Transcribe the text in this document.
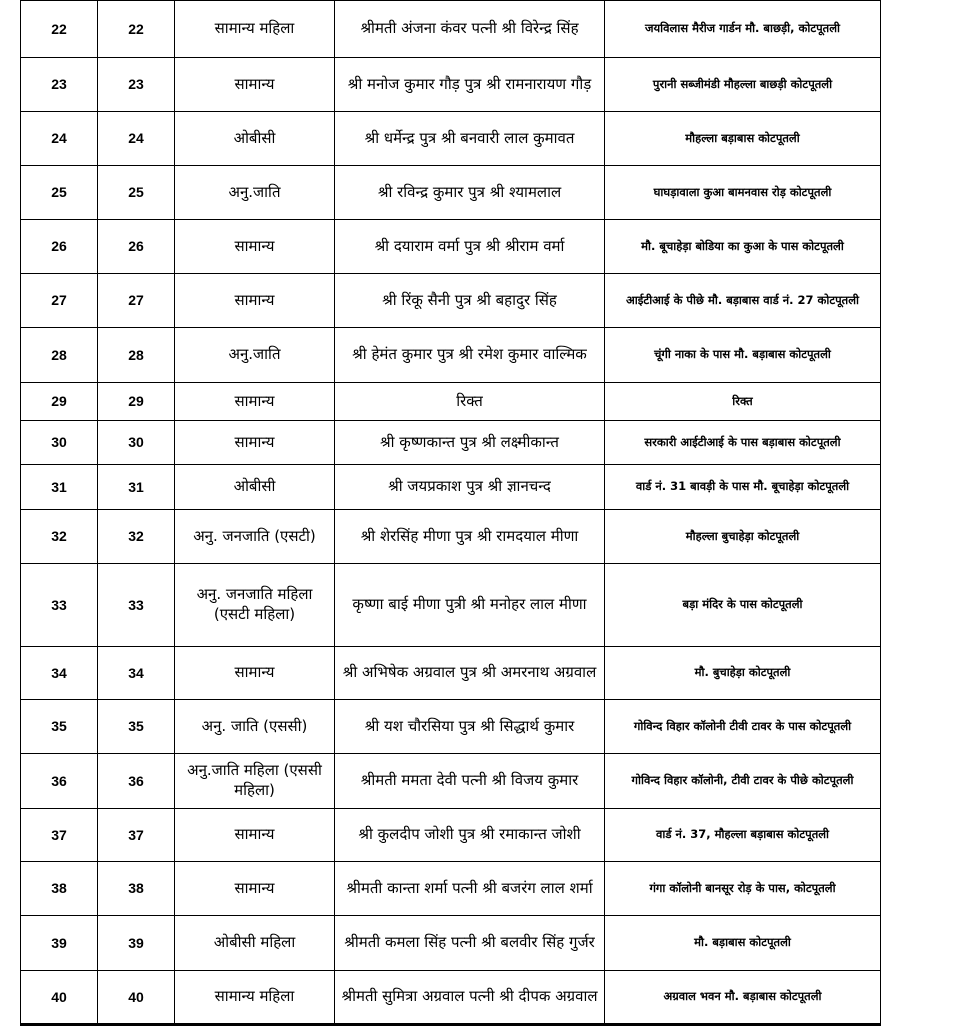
22	22	सामान्य महिला	श्रीमती अंजना कंवर पत्नी श्री विरेन्द्र सिंह	जयविलास मैरीज गार्डन मौ. बाछड़ी, कोटपूतली
23	23	सामान्य	श्री मनोज कुमार गौड़ पुत्र श्री रामनारायण गौड़	पुरानी सब्जीमंडी मौहल्ला बाछड़ी कोटपूतली
24	24	ओबीसी	श्री धर्मेन्द्र पुत्र श्री बनवारी लाल कुमावत	मौहल्ला बड़ाबास कोटपूतली
25	25	अनु.जाति	श्री रविन्द्र कुमार पुत्र श्री श्यामलाल	घाघड़ावाला कुआ बामनवास रोड़ कोटपूतली
26	26	सामान्य	श्री दयाराम वर्मा पुत्र श्री श्रीराम वर्मा	मौ. बूचाहेड़ा बोडिया का कुआ के पास कोटपूतली
27	27	सामान्य	श्री रिंकू सैनी पुत्र श्री बहादुर सिंह	आईटीआई के पीछे मौ. बड़ाबास वार्ड नं. 27 कोटपूतली
28	28	अनु.जाति	श्री हेमंत कुमार पुत्र श्री रमेश कुमार वाल्मिक	चूंगी नाका के पास मौ. बड़ाबास कोटपूतली
29	29	सामान्य	रिक्त	रिक्त
30	30	सामान्य	श्री कृष्णकान्त पुत्र श्री लक्ष्मीकान्त	सरकारी आईटीआई के पास बड़ाबास कोटपूतली
31	31	ओबीसी	श्री जयप्रकाश पुत्र श्री ज्ञानचन्द	वार्ड नं. 31 बावड़ी के पास मौ. बूचाहेड़ा कोटपूतली
32	32	अनु. जनजाति (एसटी)	श्री शेरसिंह मीणा पुत्र श्री रामदयाल मीणा	मौहल्ला बुचाहेड़ा कोटपूतली
33	33	अनु. जनजाति महिला (एसटी महिला)	कृष्णा बाई मीणा पुत्री श्री मनोहर लाल मीणा	बड़ा मंदिर के पास कोटपूतली
34	34	सामान्य	श्री अभिषेक अग्रवाल पुत्र श्री अमरनाथ अग्रवाल	मौ. बुचाहेड़ा कोटपूतली
35	35	अनु. जाति (एससी)	श्री यश चौरसिया पुत्र श्री सिद्धार्थ कुमार	गोविन्द विहार कॉलोनी टीवी टावर के पास कोटपूतली
36	36	अनु.जाति महिला (एससी महिला)	श्रीमती ममता देवी पत्नी श्री विजय कुमार	गोविन्द विहार कॉलोनी, टीवी टावर के पीछे कोटपूतली
37	37	सामान्य	श्री कुलदीप जोशी पुत्र श्री रमाकान्त जोशी	वार्ड नं. 37, मौहल्ला बड़ाबास कोटपूतली
38	38	सामान्य	श्रीमती कान्ता शर्मा पत्नी श्री बजरंग लाल शर्मा	गंगा कॉलोनी बानसूर रोड़ के पास, कोटपूतली
39	39	ओबीसी महिला	श्रीमती कमला सिंह पत्नी श्री बलवीर सिंह गुर्जर	मौ. बड़ाबास कोटपूतली
40	40	सामान्य महिला	श्रीमती सुमित्रा अग्रवाल पत्नी श्री दीपक अग्रवाल	अग्रवाल भवन मौ. बड़ाबास कोटपूतली
